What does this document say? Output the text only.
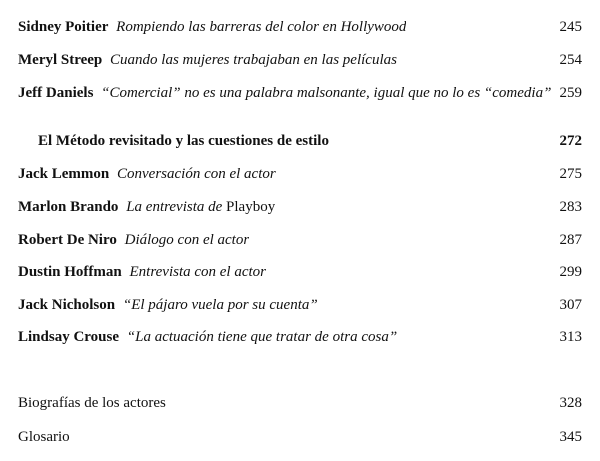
Sidney Poitier Rompiendo las barreras del color en Hollywood	245
Meryl Streep Cuando las mujeres trabajaban en las películas	254
Jeff Daniels “Comercial” no es una palabra malsonante, igual que no lo es “comedia” 259
El Método revisitado y las cuestiones de estilo	272
Jack Lemmon Conversación con el actor	275
Marlon Brando La entrevista de Playboy	283
Robert De Niro Diálogo con el actor	287
Dustin Hoffman Entrevista con el actor	299
Jack Nicholson “El pájaro vuela por su cuenta”	307
Lindsay Crouse “La actuación tiene que tratar de otra cosa”	313
Biografías de los actores	328
Glosario	345
